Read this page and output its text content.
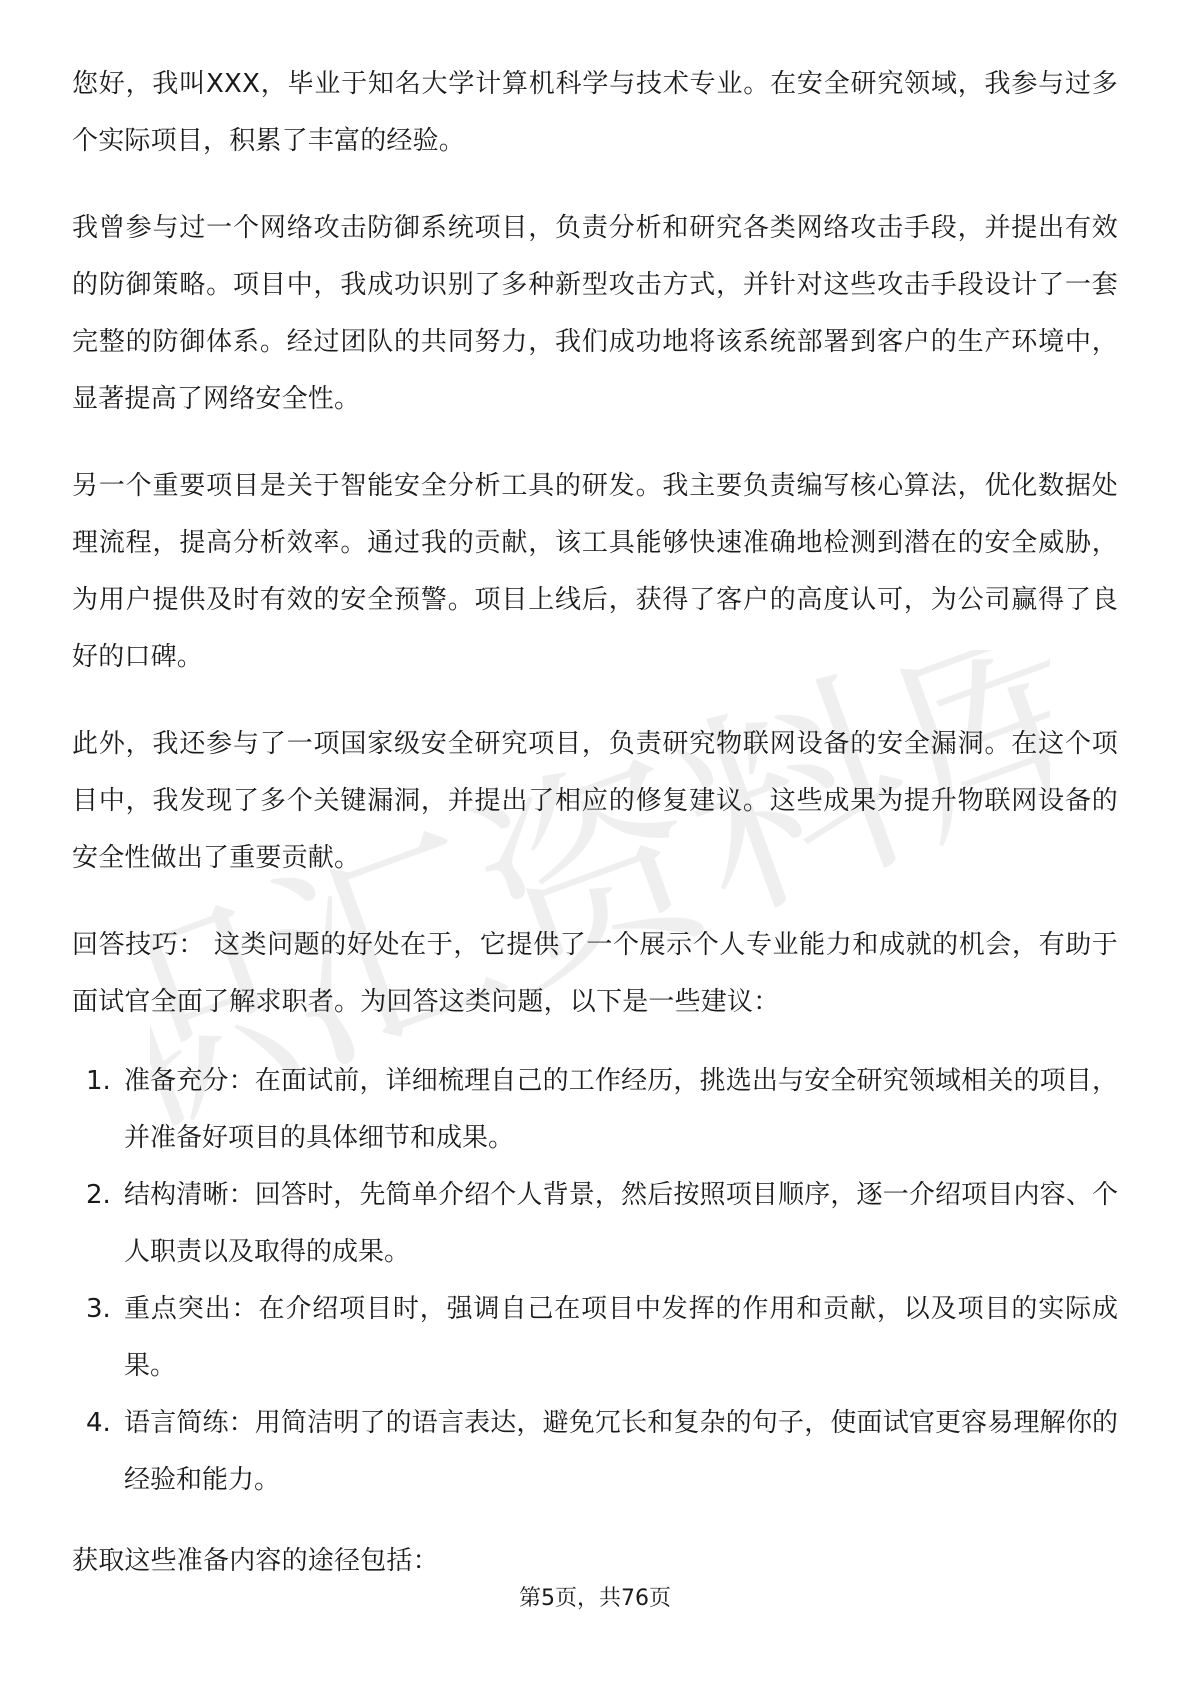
职汇资料库

您好，我叫XXX，毕业于知名大学计算机科学与技术专业。在安全研究领域，我参与过多个实际项目，积累了丰富的经验。

我曾参与过一个网络攻击防御系统项目，负责分析和研究各类网络攻击手段，并提出有效的防御策略。项目中，我成功识别了多种新型攻击方式，并针对这些攻击手段设计了一套完整的防御体系。经过团队的共同努力，我们成功地将该系统部署到客户的生产环境中，显著提高了网络安全性。

另一个重要项目是关于智能安全分析工具的研发。我主要负责编写核心算法，优化数据处理流程，提高分析效率。通过我的贡献，该工具能够快速准确地检测到潜在的安全威胁，为用户提供及时有效的安全预警。项目上线后，获得了客户的高度认可，为公司赢得了良好的口碑。

此外，我还参与了一项国家级安全研究项目，负责研究物联网设备的安全漏洞。在这个项目中，我发现了多个关键漏洞，并提出了相应的修复建议。这些成果为提升物联网设备的安全性做出了重要贡献。

回答技巧： 这类问题的好处在于，它提供了一个展示个人专业能力和成就的机会，有助于面试官全面了解求职者。为回答这类问题，以下是一些建议：

1. 准备充分：在面试前，详细梳理自己的工作经历，挑选出与安全研究领域相关的项目，并准备好项目的具体细节和成果。
2. 结构清晰：回答时，先简单介绍个人背景，然后按照项目顺序，逐一介绍项目内容、个人职责以及取得的成果。
3. 重点突出：在介绍项目时，强调自己在项目中发挥的作用和贡献，以及项目的实际成果。
4. 语言简练：用简洁明了的语言表达，避免冗长和复杂的句子，使面试官更容易理解你的经验和能力。

获取这些准备内容的途径包括：

第5页，共76页
